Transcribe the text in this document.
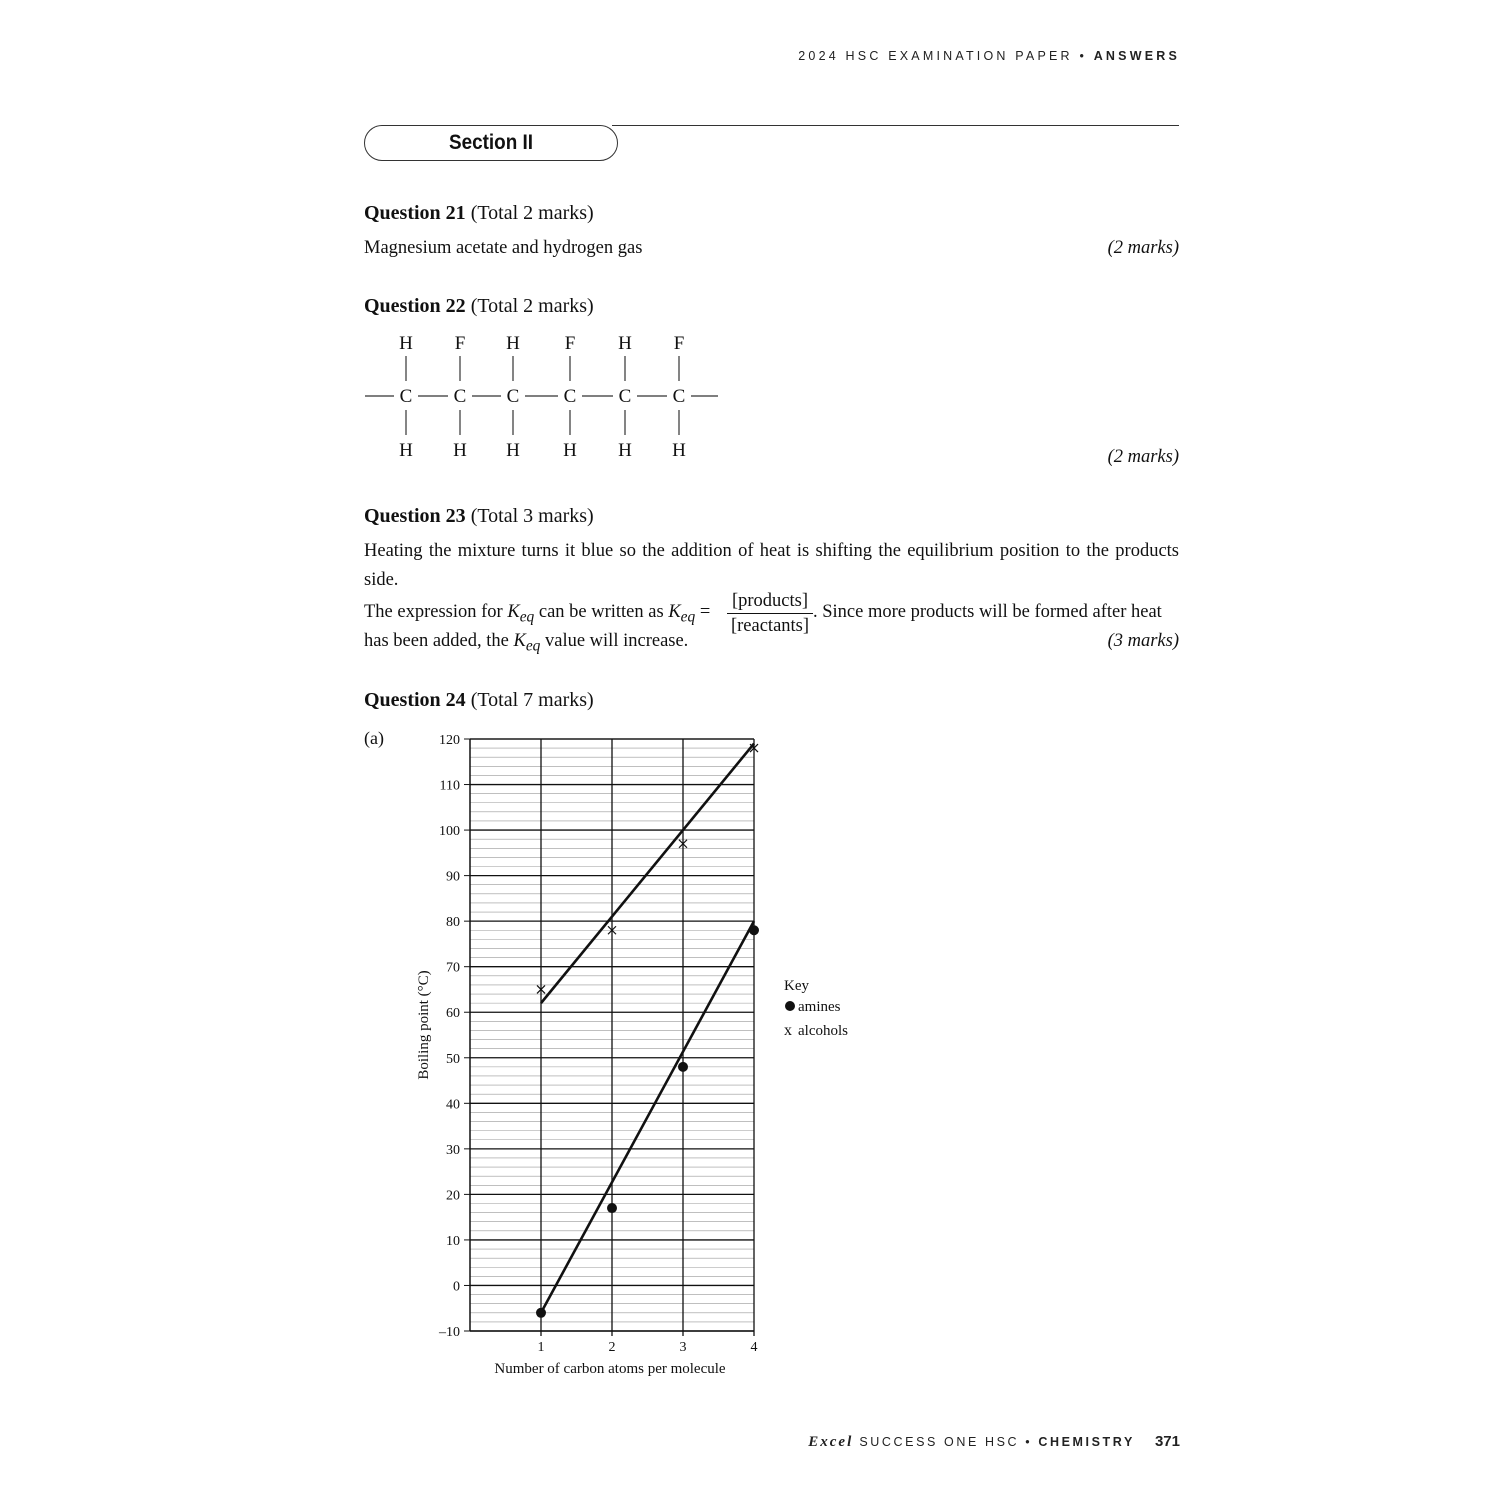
2024 HSC EXAMINATION PAPER • ANSWERS
Section II
Question 21 (Total 2 marks)
Magnesium acetate and hydrogen gas	(2 marks)
Question 22 (Total 2 marks)
H
C
H
F
C
H
H
C
H
F
C
H
H
C
H
F
C
H	(2 marks)
Question 23 (Total 3 marks)
Heating the mixture turns it blue so the addition of heat is shifting the equilibrium position to the products side.
The expression for $K_{eq}$ can be written as $K_{eq}$ =
[products]
[reactants]
. Since more products will be formed after heat
has been added, the $K_{eq}$ value will increase.	(3 marks)
Question 24 (Total 7 marks)
(a)	120
110
100
90
80
70
60
50
40
30
20
10
0
–10
1	2	3	4
Number of carbon atoms per molecule
Boiling point (°C)	Key
amines
x alcohols
Excel SUCCESS ONE HSC • CHEMISTRY 371
